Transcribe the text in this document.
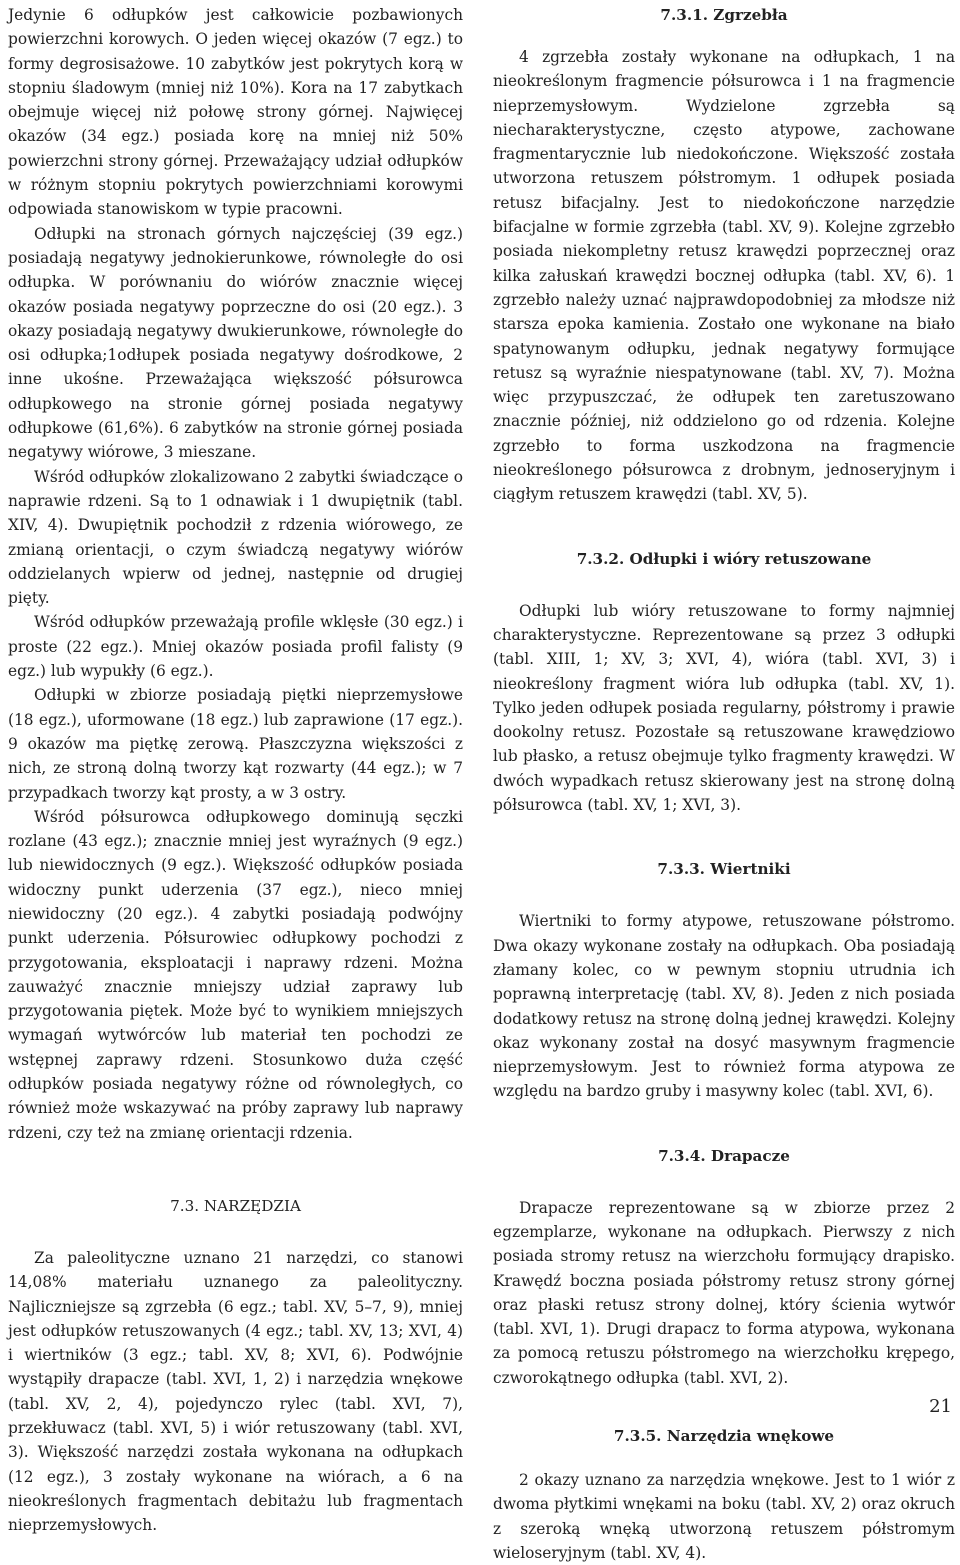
Jedynie 6 odłupków jest całkowicie pozbawionych powierzchni korowych. O jeden więcej okazów (7 egz.) to formy degrosisażowe. 10 zabytków jest pokrytych korą w stopniu śladowym (mniej niż 10%). Kora na 17 zabytkach obejmuje więcej niż połowę strony górnej. Najwięcej okazów (34 egz.) posiada korę na mniej niż 50% powierzchni strony górnej. Przeważający udział odłupków w różnym stopniu pokrytych powierzchniami korowymi odpowiada stanowiskom w typie pracowni.

Odłupki na stronach górnych najczęściej (39 egz.) posiadają negatywy jednokierunkowe, równoległe do osi odłupka. W porównaniu do wiórów znacznie więcej okazów posiada negatywy poprzeczne do osi (20 egz.). 3 okazy posiadają negatywy dwukierunkowe, równoległe do osi odłupka;1odłupek posiada negatywy dośrodkowe, 2 inne ukośne. Przeważająca większość półsurowca odłupkowego na stronie górnej posiada negatywy odłupkowe (61,6%). 6 zabytków na stronie górnej posiada negatywy wiórowe, 3 mieszane.

Wśród odłupków zlokalizowano 2 zabytki świadczące o naprawie rdzeni. Są to 1 odnawiak i 1 dwupiętnik (tabl. XIV, 4). Dwupiętnik pochodził z rdzenia wiórowego, ze zmianą orientacji, o czym świadczą negatywy wiórów oddzielanych wpierw od jednej, następnie od drugiej pięty.

Wśród odłupków przeważają profile wklęsłe (30 egz.) i proste (22 egz.). Mniej okazów posiada profil falisty (9 egz.) lub wypukły (6 egz.).

Odłupki w zbiorze posiadają piętki nieprzemysłowe (18 egz.), uformowane (18 egz.) lub zaprawione (17 egz.). 9 okazów ma piętkę zerową. Płaszczyzna większości z nich, ze stroną dolną tworzy kąt rozwarty (44 egz.); w 7 przypadkach tworzy kąt prosty, a w 3 ostry.

Wśród półsurowca odłupkowego dominują sęczki rozlane (43 egz.); znacznie mniej jest wyraźnych (9 egz.) lub niewidocznych (9 egz.). Większość odłupków posiada widoczny punkt uderzenia (37 egz.), nieco mniej niewidoczny (20 egz.). 4 zabytki posiadają podwójny punkt uderzenia. Półsurowiec odłupkowy pochodzi z przygotowania, eksploatacji i naprawy rdzeni. Można zauważyć znacznie mniejszy udział zaprawy lub przygotowania piętek. Może być to wynikiem mniejszych wymagań wytwórców lub materiał ten pochodzi ze wstępnej zaprawy rdzeni. Stosunkowo duża część odłupków posiada negatywy różne od równoległych, co również może wskazywać na próby zaprawy lub naprawy rdzeni, czy też na zmianę orientacji rdzenia.

7.3. NARZĘDZIA

Za paleolityczne uznano 21 narzędzi, co stanowi 14,08% materiału uznanego za paleolityczny. Najliczniejsze są zgrzebła (6 egz.; tabl. XV, 5–7, 9), mniej jest odłupków retuszowanych (4 egz.; tabl. XV, 13; XVI, 4) i wiertników (3 egz.; tabl. XV, 8; XVI, 6). Podwójnie wystąpiły drapacze (tabl. XVI, 1, 2) i narzędzia wnękowe (tabl. XV, 2, 4), pojedynczo rylec (tabl. XVI, 7), przekłuwacz (tabl. XVI, 5) i wiór retuszowany (tabl. XVI, 3). Większość narzędzi została wykonana na odłupkach (12 egz.), 3 zostały wykonane na wiórach, a 6 na nieokreślonych fragmentach debitażu lub fragmentach nieprzemysłowych.

7.3.1. Zgrzebła

4 zgrzebła zostały wykonane na odłupkach, 1 na nieokreślonym fragmencie półsurowca i 1 na fragmencie nieprzemysłowym. Wydzielone zgrzebła są niecharakterystyczne, często atypowe, zachowane fragmentarycznie lub niedokończone. Większość została utworzona retuszem półstromym. 1 odłupek posiada retusz bifacjalny. Jest to niedokończone narzędzie bifacjalne w formie zgrzebła (tabl. XV, 9). Kolejne zgrzebło posiada niekompletny retusz krawędzi poprzecznej oraz kilka załuskań krawędzi bocznej odłupka (tabl. XV, 6). 1 zgrzebło należy uznać najprawdopodobniej za młodsze niż starsza epoka kamienia. Zostało one wykonane na biało spatynowanym odłupku, jednak negatywy formujące retusz są wyraźnie niespatynowane (tabl. XV, 7). Można więc przypuszczać, że odłupek ten zaretuszowano znacznie później, niż oddzielono go od rdzenia. Kolejne zgrzebło to forma uszkodzona na fragmencie nieokreślonego półsurowca z drobnym, jednoseryjnym i ciągłym retuszem krawędzi (tabl. XV, 5).

7.3.2. Odłupki i wióry retuszowane

Odłupki lub wióry retuszowane to formy najmniej charakterystyczne. Reprezentowane są przez 3 odłupki (tabl. XIII, 1; XV, 3; XVI, 4), wióra (tabl. XVI, 3) i nieokreślony fragment wióra lub odłupka (tabl. XV, 1). Tylko jeden odłupek posiada regularny, półstromy i prawie dookolny retusz. Pozostałe są retuszowane krawędziowo lub płasko, a retusz obejmuje tylko fragmenty krawędzi. W dwóch wypadkach retusz skierowany jest na stronę dolną półsurowca (tabl. XV, 1; XVI, 3).

7.3.3. Wiertniki

Wiertniki to formy atypowe, retuszowane półstromo. Dwa okazy wykonane zostały na odłupkach. Oba posiadają złamany kolec, co w pewnym stopniu utrudnia ich poprawną interpretację (tabl. XV, 8). Jeden z nich posiada dodatkowy retusz na stronę dolną jednej krawędzi. Kolejny okaz wykonany został na dosyć masywnym fragmencie nieprzemysłowym. Jest to również forma atypowa ze względu na bardzo gruby i masywny kolec (tabl. XVI, 6).

7.3.4. Drapacze

Drapacze reprezentowane są w zbiorze przez 2 egzemplarze, wykonane na odłupkach. Pierwszy z nich posiada stromy retusz na wierzchołu formujący drapisko. Krawędź boczna posiada półstromy retusz strony górnej oraz płaski retusz strony dolnej, który ścienia wytwór (tabl. XVI, 1). Drugi drapacz to forma atypowa, wykonana za pomocą retuszu półstromego na wierzchołku krępego, czworokątnego odłupka (tabl. XVI, 2).

7.3.5. Narzędzia wnękowe

2 okazy uznano za narzędzia wnękowe. Jest to 1 wiór z dwoma płytkimi wnękami na boku (tabl. XV, 2) oraz okruch z szeroką wnęką utworzoną retuszem półstromym wieloseryjnym (tabl. XV, 4).

21
